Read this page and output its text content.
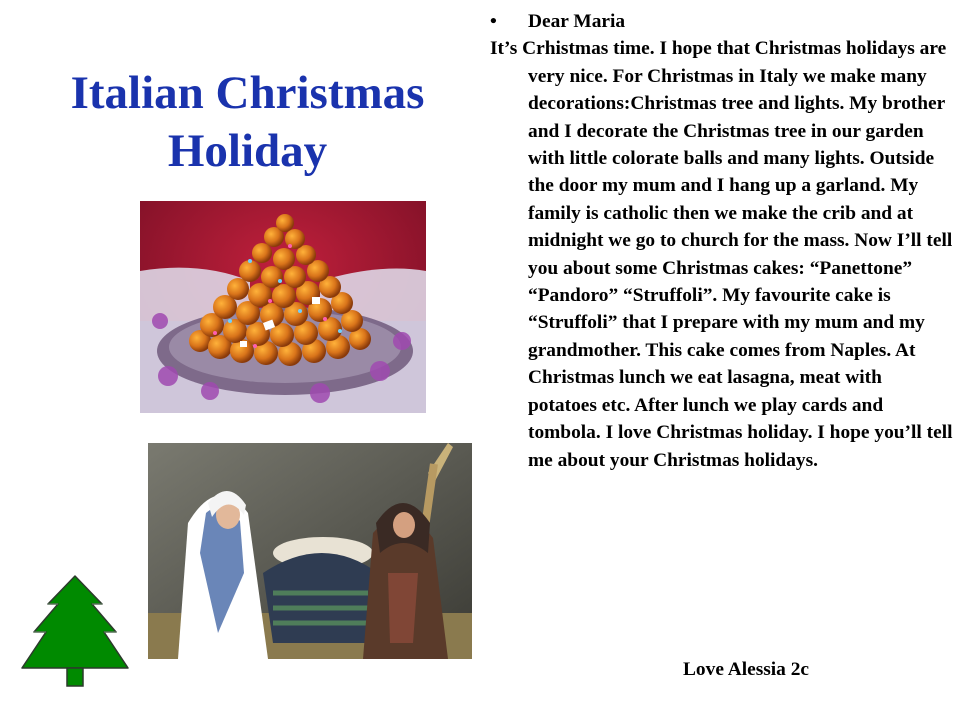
Italian Christmas
Holiday
• Dear Maria

It’s Crhistmas time. I hope that Christmas holidays are very nice. For Christmas in Italy we make many decorations:Christmas tree and lights. My brother and I decorate the Christmas tree in our garden with little colorate balls and many lights. Outside the door my mum and I hang up a garland. My family is catholic then we make the crib and at midnight we go to church for the mass. Now I’ll tell you about some Christmas cakes: “Panettone” “Pandoro” “Struffoli”. My favourite cake is “Struffoli” that I prepare with my mum and my grandmother. This cake comes from Naples. At Christmas lunch we eat lasagna, meat with potatoes etc. After lunch we play cards and tombola. I love Christmas holiday. I hope you’ll tell me about your Christmas holidays.

Love Alessia 2c
